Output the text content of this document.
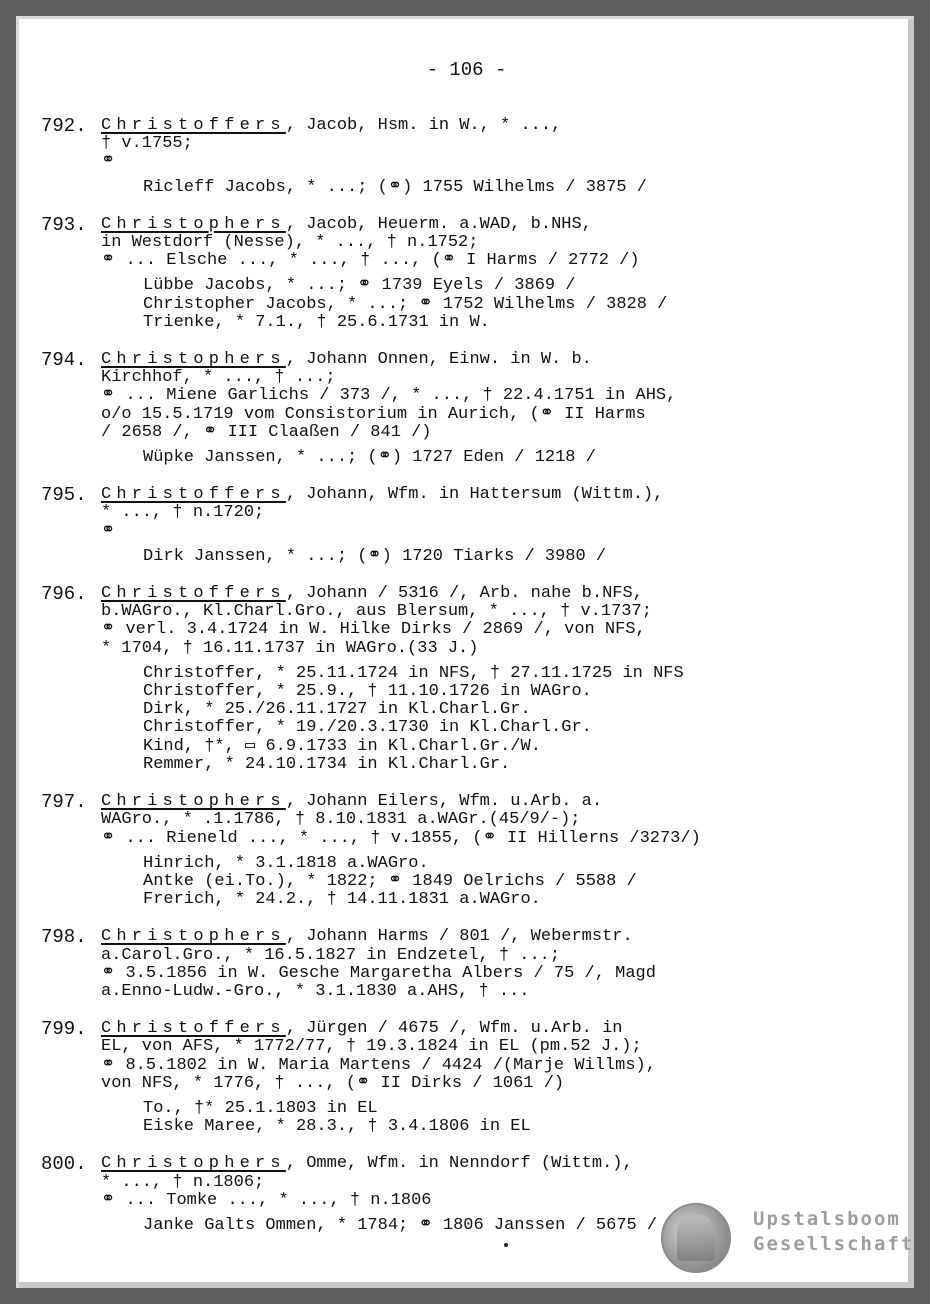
- 106 -
792. Christoffers, Jacob, Hsm. in W., * ...,
† v.1755;
⚭
Ricleff Jacobs, * ...; (⚭) 1755 Wilhelms / 3875 /
793. Christophers, Jacob, Heuerm. a.WAD, b.NHS,
in Westdorf (Nesse), * ..., † n.1752;
⚭ ... Elsche ..., * ..., † ..., (⚭ I Harms / 2772 /)
Lübbe Jacobs, * ...; ⚭ 1739 Eyels / 3869 /
Christopher Jacobs, * ...; ⚭ 1752 Wilhelms / 3828 /
Trienke, * 7.1., † 25.6.1731 in W.
794. Christophers, Johann Onnen, Einw. in W. b.
Kirchhof, * ..., † ...;
⚭ ... Miene Garlichs / 373 /, * ..., † 22.4.1751 in AHS,
o/o 15.5.1719 vom Consistorium in Aurich, (⚭ II Harms
/ 2658 /, ⚭ III Claaßen / 841 /)
Wüpke Janssen, * ...; (⚭) 1727 Eden / 1218 /
795. Christoffers, Johann, Wfm. in Hattersum (Wittm.),
* ..., † n.1720;
⚭
Dirk Janssen, * ...; (⚭) 1720 Tiarks / 3980 /
796. Christoffers, Johann / 5316 /, Arb. nahe b.NFS,
b.WAGro., Kl.Charl.Gro., aus Blersum, * ..., † v.1737;
⚭ verl. 3.4.1724 in W. Hilke Dirks / 2869 /, von NFS,
* 1704, † 16.11.1737 in WAGro.(33 J.)
Christoffer, * 25.11.1724 in NFS, † 27.11.1725 in NFS
Christoffer, * 25.9., † 11.10.1726 in WAGro.
Dirk, * 25./26.11.1727 in Kl.Charl.Gr.
Christoffer, * 19./20.3.1730 in Kl.Charl.Gr.
Kind, †*, ▭ 6.9.1733 in Kl.Charl.Gr./W.
Remmer, * 24.10.1734 in Kl.Charl.Gr.
797. Christophers, Johann Eilers, Wfm. u.Arb. a.
WAGro., * .1.1786, † 8.10.1831 a.WAGr.(45/9/-);
⚭ ... Rieneld ..., * ..., † v.1855, (⚭ II Hillerns /3273/)
Hinrich, * 3.1.1818 a.WAGro.
Antke (ei.To.), * 1822; ⚭ 1849 Oelrichs / 5588 /
Frerich, * 24.2., † 14.11.1831 a.WAGro.
798. Christophers, Johann Harms / 801 /, Webermstr.
a.Carol.Gro., * 16.5.1827 in Endzetel, † ...;
⚭ 3.5.1856 in W. Gesche Margaretha Albers / 75 /, Magd
a.Enno-Ludw.-Gro., * 3.1.1830 a.AHS, † ...
799. Christoffers, Jürgen / 4675 /, Wfm. u.Arb. in
EL, von AFS, * 1772/77, † 19.3.1824 in EL (pm.52 J.);
⚭ 8.5.1802 in W. Maria Martens / 4424 /(Marje Willms),
von NFS, * 1776, † ..., (⚭ II Dirks / 1061 /)
To., †* 25.1.1803 in EL
Eiske Maree, * 28.3., † 3.4.1806 in EL
800. Christophers, Omme, Wfm. in Nenndorf (Wittm.),
* ..., † n.1806;
⚭ ... Tomke ..., * ..., † n.1806
Janke Galts Ommen, * 1784; ⚭ 1806 Janssen / 5675 /	Upstalsboom
Gesellschaft
